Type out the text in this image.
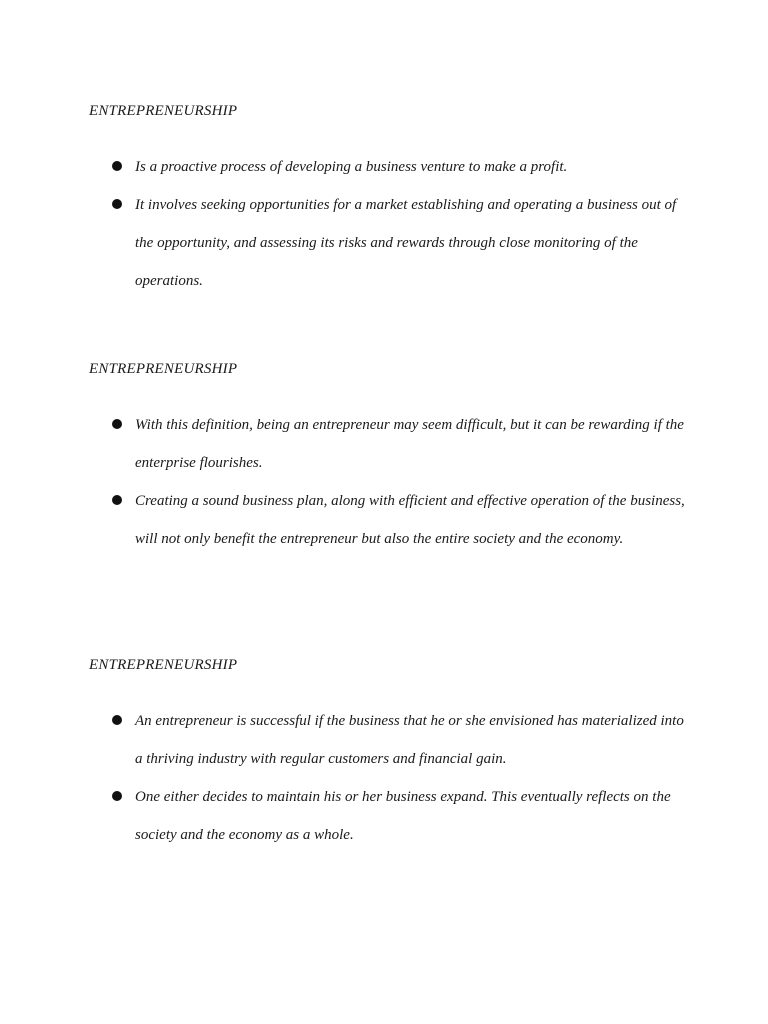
ENTREPRENEURSHIP

Is a proactive process of developing a business venture to make a profit.
It involves seeking opportunities for a market establishing and operating a business out of the opportunity, and assessing its risks and rewards through close monitoring of the operations.

ENTREPRENEURSHIP

With this definition, being an entrepreneur may seem difficult, but it can be rewarding if the enterprise flourishes.
Creating a sound business plan, along with efficient and effective operation of the business, will not only benefit the entrepreneur but also the entire society and the economy.

ENTREPRENEURSHIP

An entrepreneur is successful if the business that he or she envisioned has materialized into a thriving industry with regular customers and financial gain.
One either decides to maintain his or her business expand. This eventually reflects on the society and the economy as a whole.
